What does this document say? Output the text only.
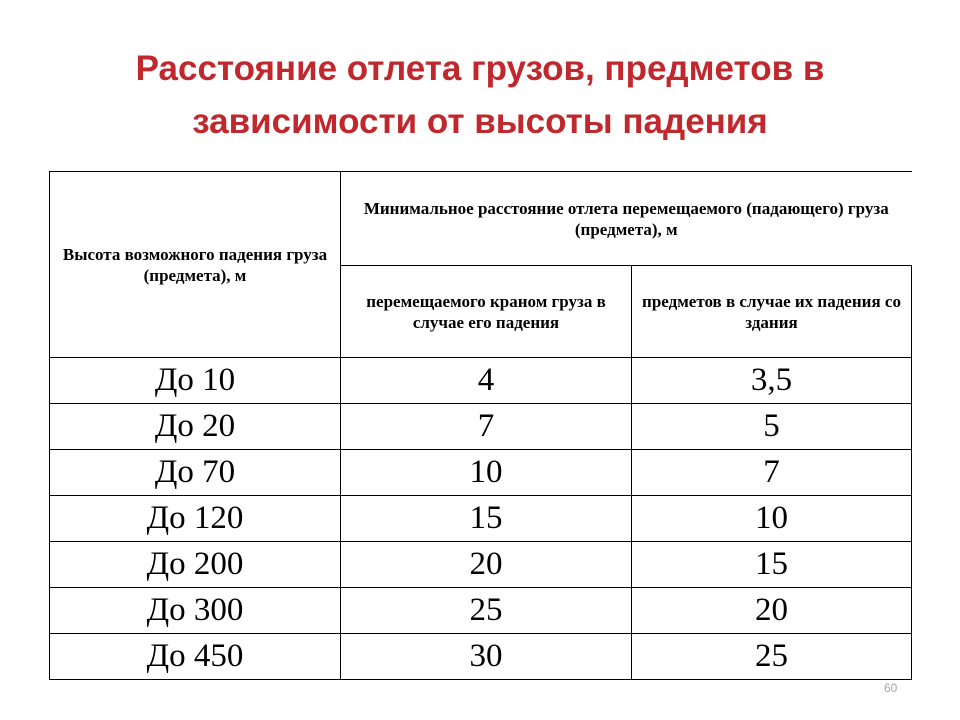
Расстояние отлета грузов, предметов в
зависимости от высоты падения
Высота возможного падения груза (предмета), м	Минимальное расстояние отлета перемещаемого (падающего) груза (предмета), м	
	перемещаемого краном груза в случае его падения	предметов в случае их падения со здания
До 10	4	3,5
До 20	7	5
До 70	10	7
До 120	15	10
До 200	20	15
До 300	25	20
До 450	30	25
60
